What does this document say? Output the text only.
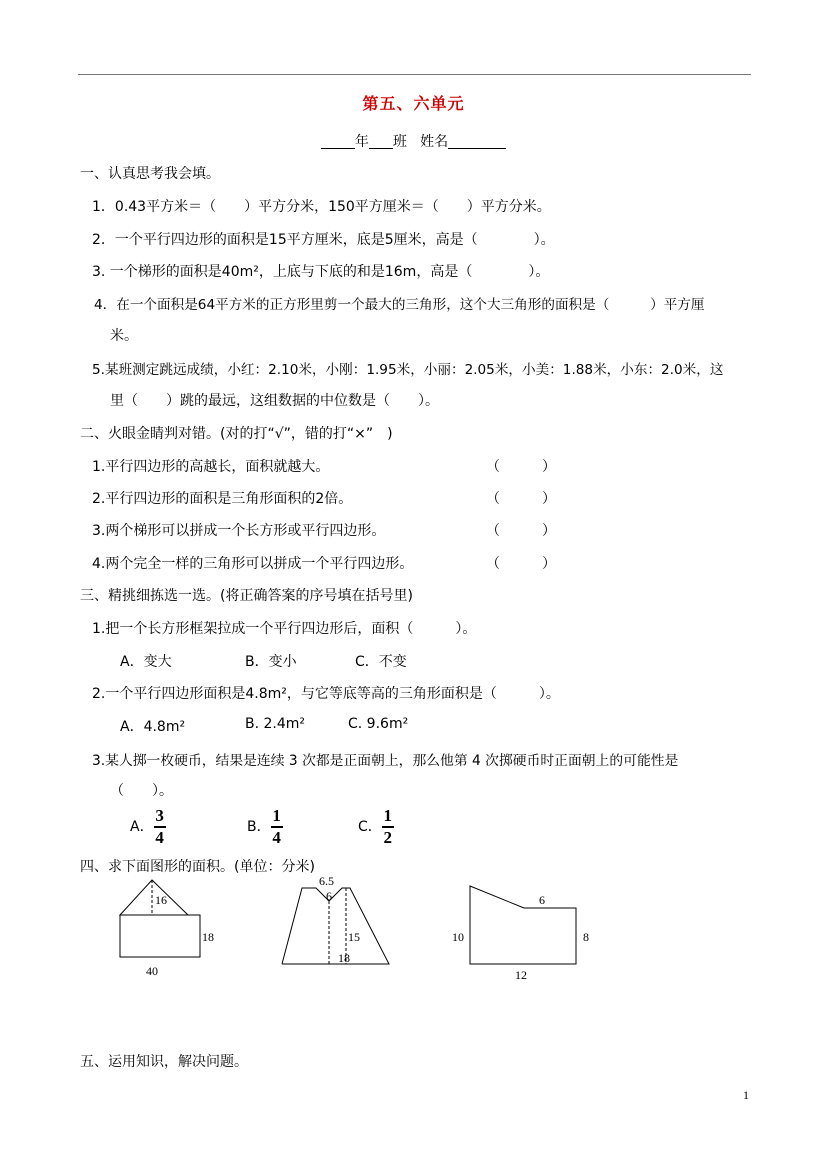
第五、六单元
年 班 姓名
一、认真思考我会填。
1．0.43平方米＝（　　）平方分米，150平方厘米＝（　　）平方分米。
2．一个平行四边形的面积是15平方厘米，底是5厘米，高是（　　　　）。
3. 一个梯形的面积是40m²，上底与下底的和是16m，高是（　　　　）。
4．在一个面积是64平方米的正方形里剪一个最大的三角形，这个大三角形的面积是（　　　）平方厘
米。
5.某班测定跳远成绩，小红：2.10米，小刚：1.95米，小丽：2.05米，小美：1.88米，小东：2.0米，这
里（　　）跳的最远，这组数据的中位数是（　　）。
二、火眼金睛判对错。(对的打“√”，错的打“×”　)
1.平行四边形的高越长，面积就越大。	（　　　）
2.平行四边形的面积是三角形面积的2倍。	（　　　）
3.两个梯形可以拼成一个长方形或平行四边形。	（　　　）
4.两个完全一样的三角形可以拼成一个平行四边形。	（　　　）
三、精挑细拣选一选。(将正确答案的序号填在括号里)
1.把一个长方形框架拉成一个平行四边形后，面积（　　　）。
A．变大	B．变小	C．不变
2.一个平行四边形面积是4.8m²，与它等底等高的三角形面积是（　　　）。
A．4.8m²	B. 2.4m²	C. 9.6m²
3.某人掷一枚硬币，结果是连续 3 次都是正面朝上，那么他第 4 次掷硬币时正面朝上的可能性是
（　　）。
A． $\frac{3}{4}$	B． $\frac{1}{4}$	C． $\frac{1}{2}$
四、求下面图形的面积。(单位：分米)
16
18
40
6.5
6
15
18
10
6
8
12
五、运用知识，解决问题。
1
